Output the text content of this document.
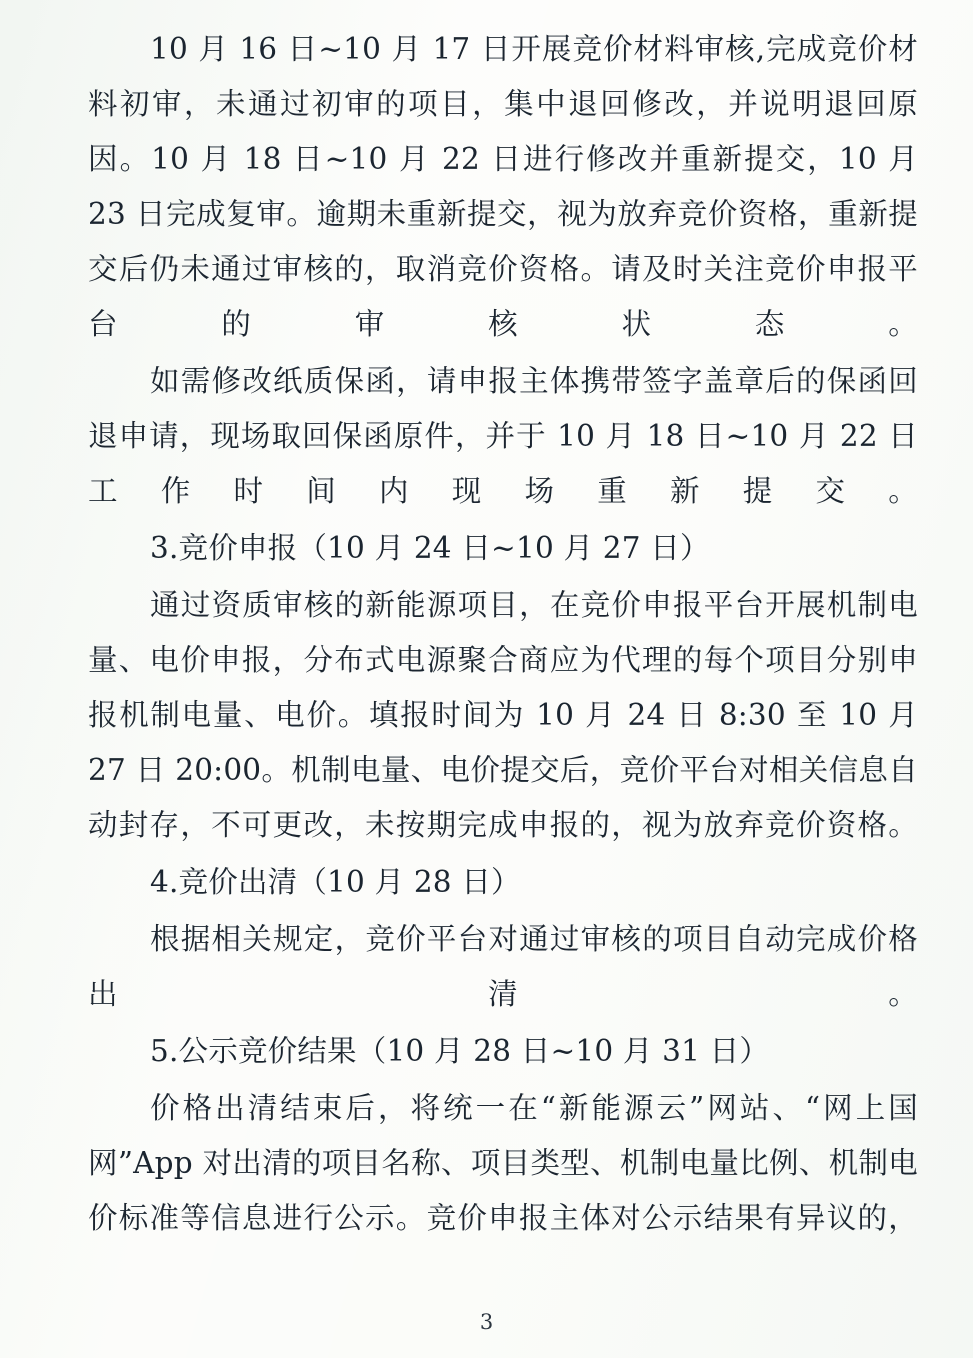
10 月 16 日~10 月 17 日开展竞价材料审核,完成竞价材料初审，未通过初审的项目，集中退回修改，并说明退回原因。10 月 18 日~10 月 22 日进行修改并重新提交，10 月 23 日完成复审。逾期未重新提交，视为放弃竞价资格，重新提交后仍未通过审核的，取消竞价资格。请及时关注竞价申报平台的审核状态。

如需修改纸质保函，请申报主体携带签字盖章后的保函回退申请，现场取回保函原件，并于 10 月 18 日~10 月 22 日工作时间内现场重新提交。

3.竞价申报（10 月 24 日~10 月 27 日）

通过资质审核的新能源项目，在竞价申报平台开展机制电量、电价申报，分布式电源聚合商应为代理的每个项目分别申报机制电量、电价。填报时间为 10 月 24 日 8:30 至 10 月 27 日 20:00。机制电量、电价提交后，竞价平台对相关信息自动封存，不可更改，未按期完成申报的，视为放弃竞价资格。

4.竞价出清（10 月 28 日）

根据相关规定，竞价平台对通过审核的项目自动完成价格出清。

5.公示竞价结果（10 月 28 日~10 月 31 日）

价格出清结束后，将统一在“新能源云”网站、“网上国网”App 对出清的项目名称、项目类型、机制电量比例、机制电价标准等信息进行公示。竞价申报主体对公示结果有异议的，

3
